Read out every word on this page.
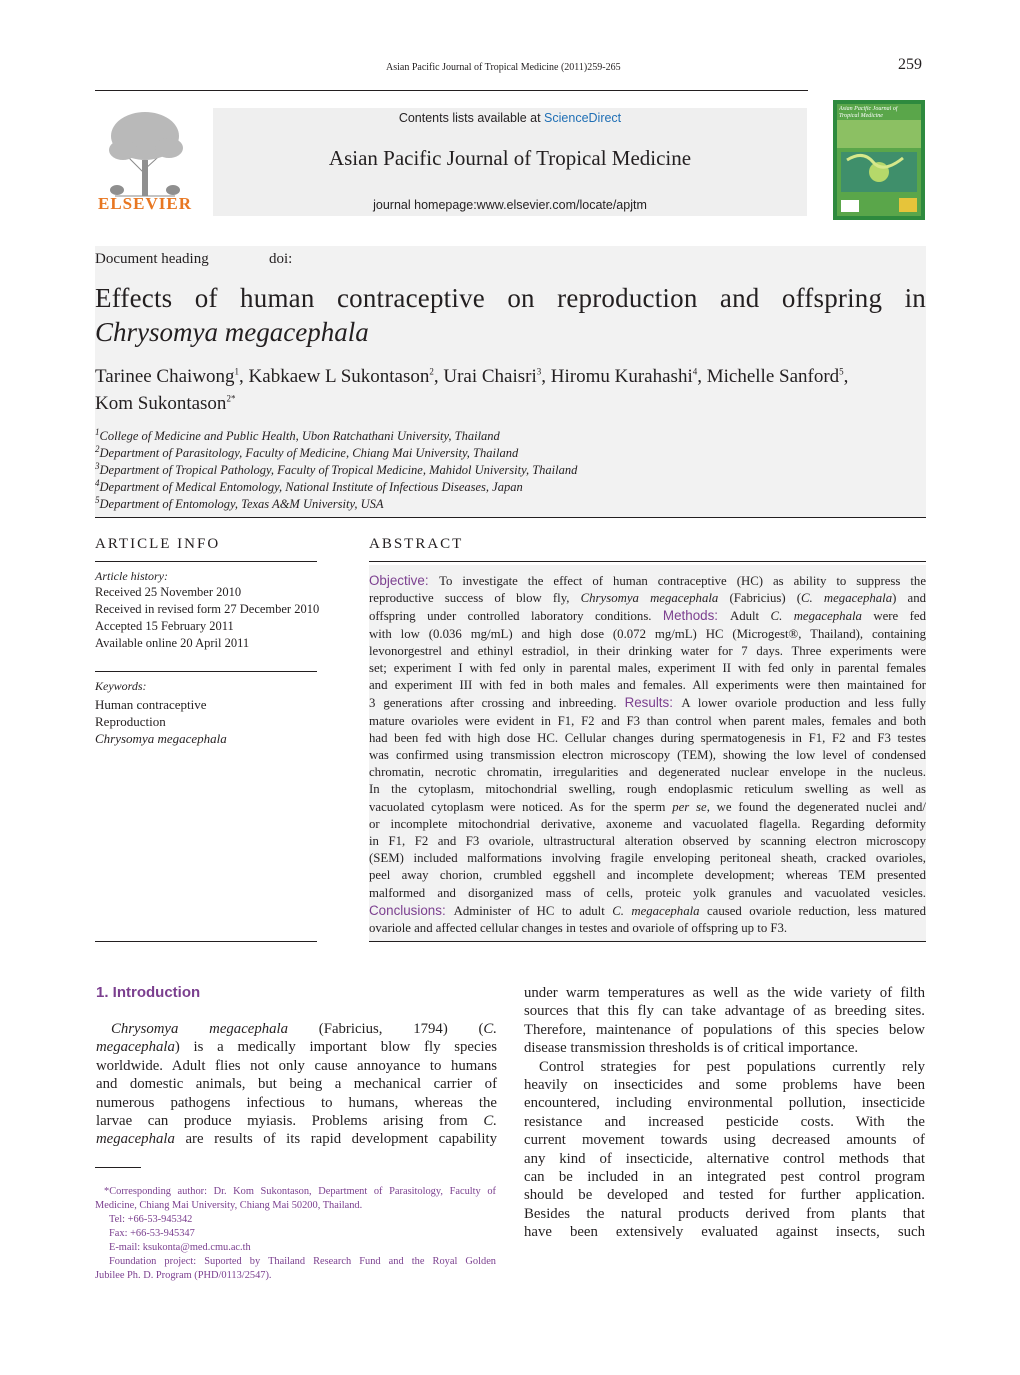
Asian Pacific Journal of Tropical Medicine (2011)259-265	259
ELSEVIER
Contents lists available at ScienceDirect
Asian Pacific Journal of Tropical Medicine
journal homepage:www.elsevier.com/locate/apjtm
Asian Pacific Journal of Tropical Medicine
Document heading	doi:
Effects of human contraceptive on reproduction and offspring in
Chrysomya megacephala
Tarinee Chaiwong$^1$, Kabkaew L Sukontason$^2$, Urai Chaisri$^3$, Hiromu Kurahashi$^4$, Michelle Sanford$^5$,
Kom Sukontason$^{2*}$
$^1$College of Medicine and Public Health, Ubon Ratchathani University, Thailand
$^2$Department of Parasitology, Faculty of Medicine, Chiang Mai University, Thailand
$^3$Department of Tropical Pathology, Faculty of Tropical Medicine, Mahidol University, Thailand
$^4$Department of Medical Entomology, National Institute of Infectious Diseases, Japan
$^5$Department of Entomology, Texas A&M University, USA
ARTICLE INFO
Article history:
Received 25 November 2010
Received in revised form 27 December 2010
Accepted 15 February 2011
Available online 20 April 2011
Keywords:
Human contraceptive
Reproduction
Chrysomya megacephala
ABSTRACT
Objective: To investigate the effect of human contraceptive (HC) as ability to suppress the
reproductive success of blow fly, Chrysomya megacephala (Fabricius) (C. megacephala) and
offspring under controlled laboratory conditions. Methods: Adult C. megacephala were fed
with low (0.036 mg/mL) and high dose (0.072 mg/mL) HC (Microgest®, Thailand), containing
levonorgestrel and ethinyl estradiol, in their drinking water for 7 days. Three experiments were
set; experiment I with fed only in parental males, experiment II with fed only in parental females
and experiment III with fed in both males and females. All experiments were then maintained for
3 generations after crossing and inbreeding. Results: A lower ovariole production and less fully
mature ovarioles were evident in F1, F2 and F3 than control when parent males, females and both
had been fed with high dose HC. Cellular changes during spermatogenesis in F1, F2 and F3 testes
was confirmed using transmission electron microscopy (TEM), showing the low level of condensed
chromatin, necrotic chromatin, irregularities and degenerated nuclear envelope in the nucleus.
In the cytoplasm, mitochondrial swelling, rough endoplasmic reticulum swelling as well as
vacuolated cytoplasm were noticed. As for the sperm per se, we found the degenerated nuclei and/
or incomplete mitochondrial derivative, axoneme and vacuolated flagella. Regarding deformity
in F1, F2 and F3 ovariole, ultrastructural alteration observed by scanning electron microscopy
(SEM) included malformations involving fragile enveloping peritoneal sheath, cracked ovarioles,
peel away chorion, crumbled eggshell and incomplete development; whereas TEM presented
malformed and disorganized mass of cells, proteic yolk granules and vacuolated vesicles.
Conclusions: Administer of HC to adult C. megacephala caused ovariole reduction, less matured
ovariole and affected cellular changes in testes and ovariole of offspring up to F3.
1. Introduction
Chrysomya megacephala (Fabricius, 1794) (C.
megacephala) is a medically important blow fly species
worldwide. Adult flies not only cause annoyance to humans
and domestic animals, but being a mechanical carrier of
numerous pathogens infectious to humans, whereas the
larvae can produce myiasis. Problems arising from C.
megacephala are results of its rapid development capability
under warm temperatures as well as the wide variety of filth
sources that this fly can take advantage of as breeding sites.
Therefore, maintenance of populations of this species below
disease transmission thresholds is of critical importance.
Control strategies for pest populations currently rely
heavily on insecticides and some problems have been
encountered, including environmental pollution, insecticide
resistance and increased pesticide costs. With the
current movement towards using decreased amounts of
any kind of insecticide, alternative control methods that
can be included in an integrated pest control program
should be developed and tested for further application.
Besides the natural products derived from plants that
have been extensively evaluated against insects, such
*Corresponding author: Dr. Kom Sukontason, Department of Parasitology, Faculty of
Medicine, Chiang Mai University, Chiang Mai 50200, Thailand.
Tel: +66-53-945342
Fax: +66-53-945347
E-mail: ksukonta@med.cmu.ac.th
Foundation project: Suported by Thailand Research Fund and the Royal Golden
Jubilee Ph. D. Program (PHD/0113/2547).
